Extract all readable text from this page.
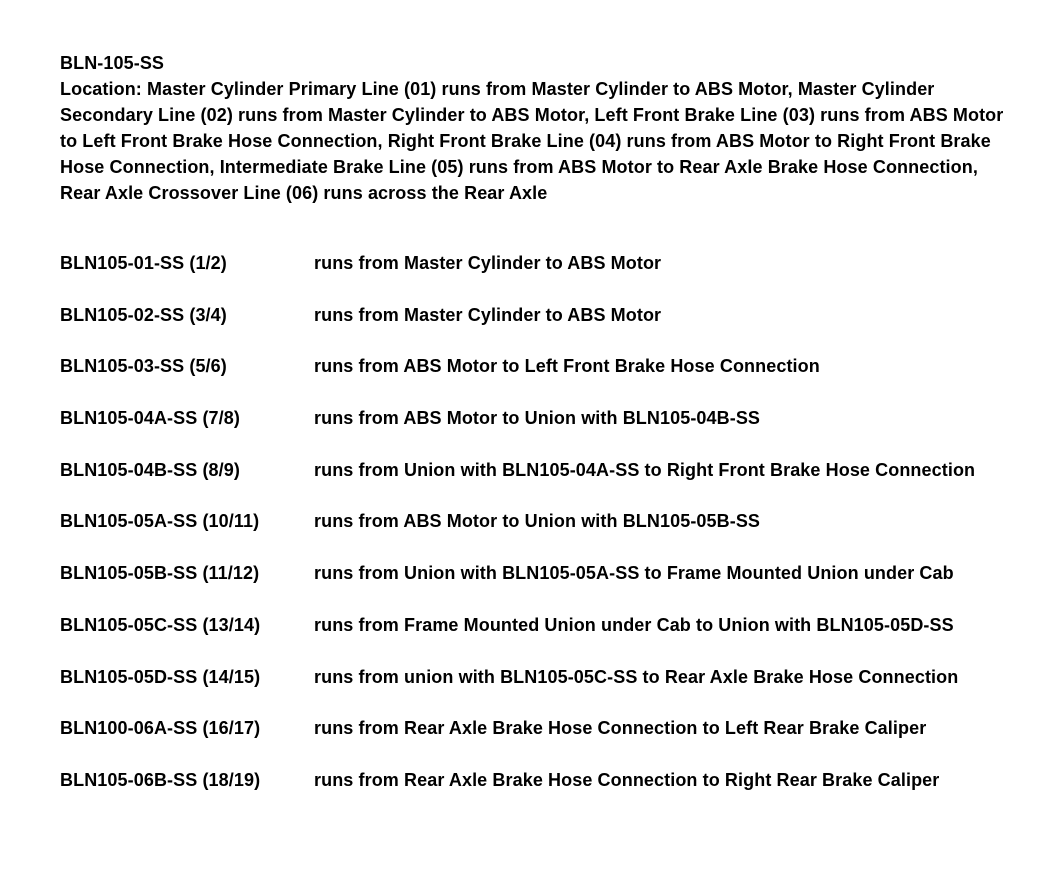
BLN-105-SS

Location: Master Cylinder Primary Line (01) runs from Master Cylinder to ABS Motor, Master Cylinder Secondary Line (02) runs from Master Cylinder to ABS Motor, Left Front Brake Line (03) runs from ABS Motor to Left Front Brake Hose Connection, Right Front Brake Line (04) runs from ABS Motor to Right Front Brake Hose Connection, Intermediate Brake Line (05) runs from ABS Motor to Rear Axle Brake Hose Connection, Rear Axle Crossover Line (06) runs across the Rear Axle

BLN105-01-SS (1/2)	runs from Master Cylinder to ABS Motor
BLN105-02-SS (3/4)	runs from Master Cylinder to ABS Motor
BLN105-03-SS (5/6)	runs from ABS Motor to Left Front Brake Hose Connection
BLN105-04A-SS (7/8)	runs from ABS Motor to Union with BLN105-04B-SS
BLN105-04B-SS (8/9)	runs from Union with BLN105-04A-SS to Right Front Brake Hose Connection
BLN105-05A-SS (10/11)	runs from ABS Motor to Union with BLN105-05B-SS
BLN105-05B-SS (11/12)	runs from Union with BLN105-05A-SS to Frame Mounted Union under Cab
BLN105-05C-SS (13/14)	runs from Frame Mounted Union under Cab to Union with BLN105-05D-SS
BLN105-05D-SS (14/15)	runs from union with BLN105-05C-SS to Rear Axle Brake Hose Connection
BLN100-06A-SS (16/17)	runs from Rear Axle Brake Hose Connection to Left Rear Brake Caliper
BLN105-06B-SS (18/19)	runs from Rear Axle Brake Hose Connection to Right Rear Brake Caliper
